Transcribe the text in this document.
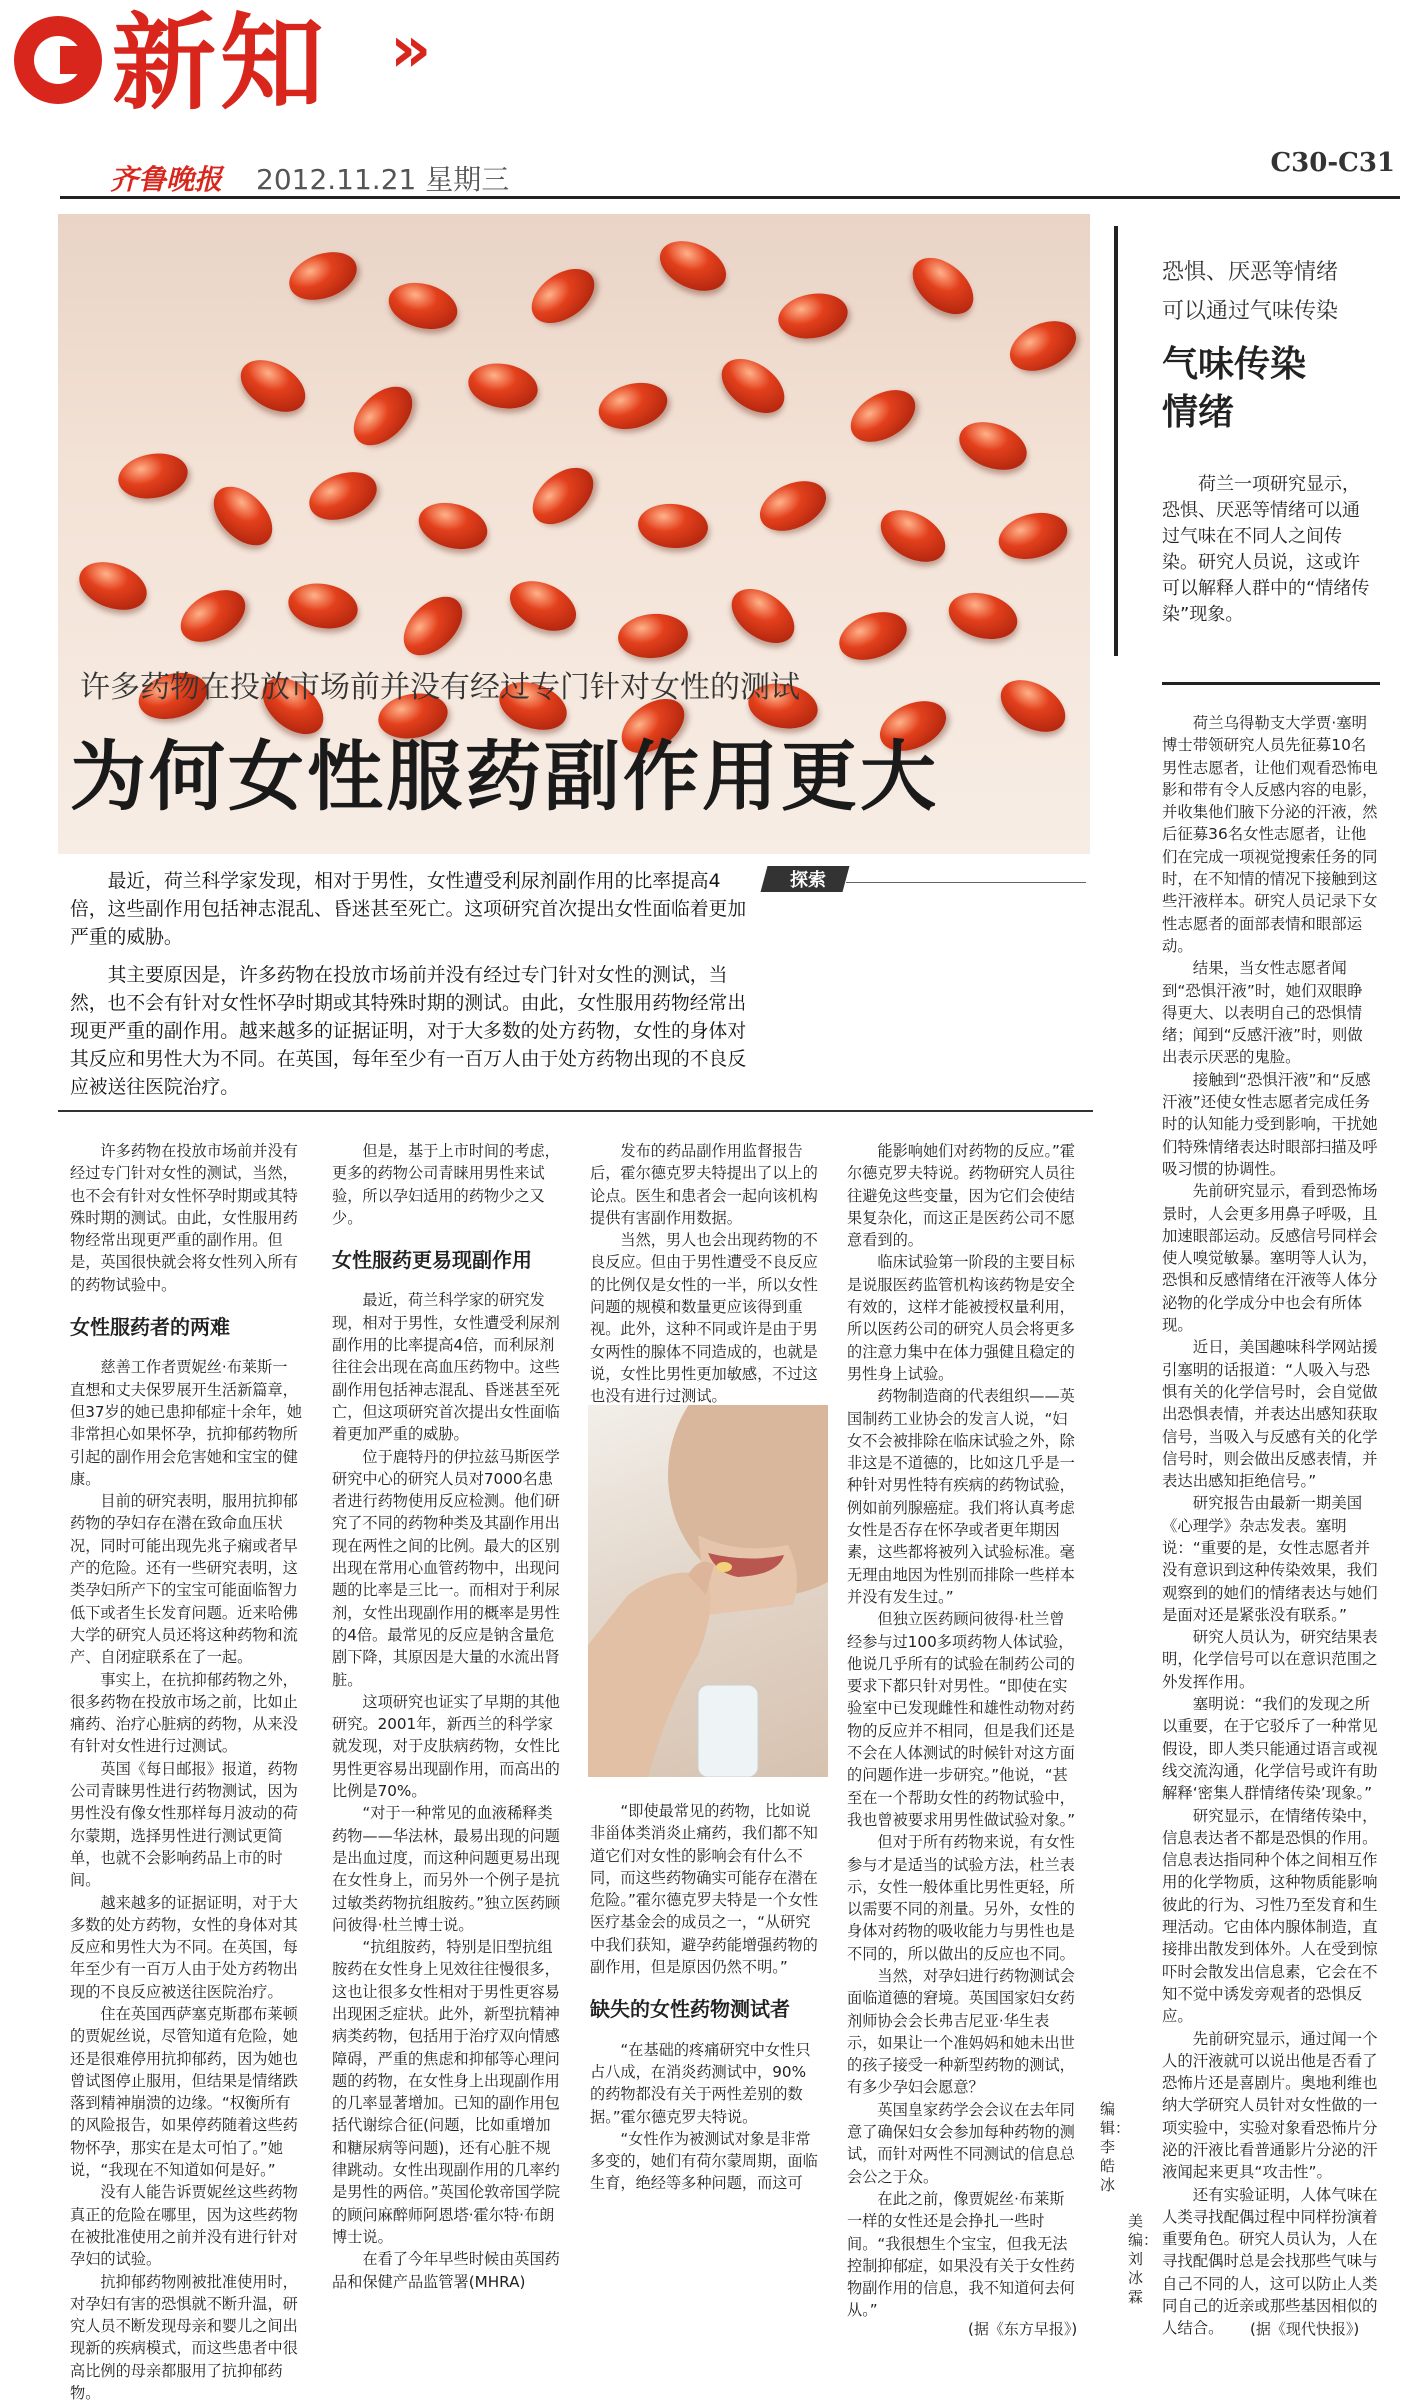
新知 »
齐鲁晚报 2012.11.21 星期三	C30-C31
许多药物在投放市场前并没有经过专门针对女性的测试
为何女性服药副作用更大
恐惧、厌恶等情绪
可以通过气味传染
气味传染
情绪
荷兰一项研究显示，恐惧、厌恶等情绪可以通过气味在不同人之间传染。研究人员说，这或许可以解释人群中的“情绪传染”现象。

荷兰乌得勒支大学贾·塞明博士带领研究人员先征募10名男性志愿者，让他们观看恐怖电影和带有令人反感内容的电影，并收集他们腋下分泌的汗液，然后征募36名女性志愿者，让他们在完成一项视觉搜索任务的同时，在不知情的情况下接触到这些汗液样本。研究人员记录下女性志愿者的面部表情和眼部运动。

结果，当女性志愿者闻到“恐惧汗液”时，她们双眼睁得更大、以表明自己的恐惧情绪；闻到“反感汗液”时，则做出表示厌恶的鬼脸。

接触到“恐惧汗液”和“反感汗液”还使女性志愿者完成任务时的认知能力受到影响，干扰她们特殊情绪表达时眼部扫描及呼吸习惯的协调性。

先前研究显示，看到恐怖场景时，人会更多用鼻子呼吸，且加速眼部运动。反感信号同样会使人嗅觉敏暴。塞明等人认为，恐惧和反感情绪在汗液等人体分泌物的化学成分中也会有所体现。

近日，美国趣味科学网站援引塞明的话报道：“人吸入与恐惧有关的化学信号时，会自觉做出恐惧表情，并表达出感知获取信号，当吸入与反感有关的化学信号时，则会做出反感表情，并表达出感知拒绝信号。”

研究报告由最新一期美国《心理学》杂志发表。塞明说：“重要的是，女性志愿者并没有意识到这种传染效果，我们观察到的她们的情绪表达与她们是面对还是紧张没有联系。”

研究人员认为，研究结果表明，化学信号可以在意识范围之外发挥作用。

塞明说：“我们的发现之所以重要，在于它驳斥了一种常见假设，即人类只能通过语言或视线交流沟通，化学信号或许有助解释‘密集人群情绪传染’现象。”

研究显示，在情绪传染中，信息表达者不都是恐惧的作用。信息表达指同种个体之间相互作用的化学物质，这种物质能影响彼此的行为、习性乃至发育和生理活动。它由体内腺体制造，直接排出散发到体外。人在受到惊吓时会散发出信息素，它会在不知不觉中诱发旁观者的恐惧反应。

先前研究显示，通过闻一个人的汗液就可以说出他是否看了恐怖片还是喜剧片。奥地利维也纳大学研究人员针对女性做的一项实验中，实验对象看恐怖片分泌的汗液比看普通影片分泌的汗液闻起来更具“攻击性”。

还有实验证明，人体气味在人类寻找配偶过程中同样扮演着重要角色。研究人员认为，人在寻找配偶时总是会找那些气味与自己不同的人，这可以防止人类同自己的近亲或那些基因相似的人结合。	(据《现代快报》)

最近，荷兰科学家发现，相对于男性，女性遭受利尿剂副作用的比率提高4倍，这些副作用包括神志混乱、昏迷甚至死亡。这项研究首次提出女性面临着更加严重的威胁。

其主要原因是，许多药物在投放市场前并没有经过专门针对女性的测试，当然，也不会有针对女性怀孕时期或其特殊时期的测试。由此，女性服用药物经常出现更严重的副作用。越来越多的证据证明，对于大多数的处方药物，女性的身体对其反应和男性大为不同。在英国，每年至少有一百万人由于处方药物出现的不良反应被送往医院治疗。

探索

许多药物在投放市场前并没有经过专门针对女性的测试，当然，也不会有针对女性怀孕时期或其特殊时期的测试。由此，女性服用药物经常出现更严重的副作用。但是，英国很快就会将女性列入所有的药物试验中。

女性服药者的两难

慈善工作者贾妮丝·布莱斯一直想和丈夫保罗展开生活新篇章，但37岁的她已患抑郁症十余年，她非常担心如果怀孕，抗抑郁药物所引起的副作用会危害她和宝宝的健康。

目前的研究表明，服用抗抑郁药物的孕妇存在潜在致命血压状况，同时可能出现先兆子痫或者早产的危险。还有一些研究表明，这类孕妇所产下的宝宝可能面临智力低下或者生长发育问题。近来哈佛大学的研究人员还将这种药物和流产、自闭症联系在了一起。

事实上，在抗抑郁药物之外，很多药物在投放市场之前，比如止痛药、治疗心脏病的药物，从来没有针对女性进行过测试。

英国《每日邮报》报道，药物公司青睐男性进行药物测试，因为男性没有像女性那样每月波动的荷尔蒙期，选择男性进行测试更简单，也就不会影响药品上市的时间。

越来越多的证据证明，对于大多数的处方药物，女性的身体对其反应和男性大为不同。在英国，每年至少有一百万人由于处方药物出现的不良反应被送往医院治疗。

住在英国西萨塞克斯郡布莱顿的贾妮丝说，尽管知道有危险，她还是很难停用抗抑郁药，因为她也曾试图停止服用，但结果是情绪跌落到精神崩溃的边缘。“权衡所有的风险报告，如果停药随着这些药物怀孕，那实在是太可怕了。”她说，“我现在不知道如何是好。”

没有人能告诉贾妮丝这些药物真正的危险在哪里，因为这些药物在被批准使用之前并没有进行针对孕妇的试验。

抗抑郁药物刚被批准使用时，对孕妇有害的恐惧就不断升温，研究人员不断发现母亲和婴儿之间出现新的疾病模式，而这些患者中很高比例的母亲都服用了抗抑郁药物。

但是，基于上市时间的考虑，更多的药物公司青睐用男性来试验，所以孕妇适用的药物少之又少。

女性服药更易现副作用

最近，荷兰科学家的研究发现，相对于男性，女性遭受利尿剂副作用的比率提高4倍，而利尿剂往往会出现在高血压药物中。这些副作用包括神志混乱、昏迷甚至死亡，但这项研究首次提出女性面临着更加严重的威胁。

位于鹿特丹的伊拉兹马斯医学研究中心的研究人员对7000名患者进行药物使用反应检测。他们研究了不同的药物种类及其副作用出现在两性之间的比例。最大的区别出现在常用心血管药物中，出现问题的比率是三比一。而相对于利尿剂，女性出现副作用的概率是男性的4倍。最常见的反应是钠含量危剧下降，其原因是大量的水流出肾脏。

这项研究也证实了早期的其他研究。2001年，新西兰的科学家就发现，对于皮肤病药物，女性比男性更容易出现副作用，而高出的比例是70%。

“对于一种常见的血液稀释类药物——华法林，最易出现的问题是出血过度，而这种问题更易出现在女性身上，而另外一个例子是抗过敏类药物抗组胺药。”独立医药顾问彼得·杜兰博士说。

“抗组胺药，特别是旧型抗组胺药在女性身上见效往往慢很多，这也让很多女性相对于男性更容易出现困乏症状。此外，新型抗精神病类药物，包括用于治疗双向情感障碍，严重的焦虑和抑郁等心理问题的药物，在女性身上出现副作用的几率显著增加。已知的副作用包括代谢综合征(问题，比如重增加和糖尿病等问题)，还有心脏不规律跳动。女性出现副作用的几率约是男性的两倍。”英国伦敦帝国学院的顾问麻醉师阿恩塔·霍尔特·布朗博士说。

在看了今年早些时候由英国药品和保健产品监管署(MHRA)

发布的药品副作用监督报告后，霍尔德克罗夫特提出了以上的论点。医生和患者会一起向该机构提供有害副作用数据。

当然，男人也会出现药物的不良反应。但由于男性遭受不良反应的比例仅是女性的一半，所以女性问题的规模和数量更应该得到重视。此外，这种不同或许是由于男女两性的腺体不同造成的，也就是说，女性比男性更加敏感，不过这也没有进行过测试。

“即使最常见的药物，比如说非甾体类消炎止痛药，我们都不知道它们对女性的影响会有什么不同，而这些药物确实可能存在潜在危险。”霍尔德克罗夫特是一个女性医疗基金会的成员之一，“从研究中我们获知，避孕药能增强药物的副作用，但是原因仍然不明。”

缺失的女性药物测试者

“在基础的疼痛研究中女性只占八成，在消炎药测试中，90%的药物都没有关于两性差别的数据。”霍尔德克罗夫特说。

“女性作为被测试对象是非常多变的，她们有荷尔蒙周期，面临生育，绝经等多种问题，而这可

能影响她们对药物的反应。”霍尔德克罗夫特说。药物研究人员往往避免这些变量，因为它们会使结果复杂化，而这正是医药公司不愿意看到的。

临床试验第一阶段的主要目标是说服医药监管机构该药物是安全有效的，这样才能被授权量利用，所以医药公司的研究人员会将更多的注意力集中在体力强健且稳定的男性身上试验。

药物制造商的代表组织——英国制药工业协会的发言人说，“妇女不会被排除在临床试验之外，除非这是不道德的，比如这几乎是一种针对男性特有疾病的药物试验，例如前列腺癌症。我们将认真考虑女性是否存在怀孕或者更年期因素，这些都将被列入试验标准。毫无理由地因为性别而排除一些样本并没有发生过。”

但独立医药顾问彼得·杜兰曾经参与过100多项药物人体试验，他说几乎所有的试验在制药公司的要求下都只针对男性。“即使在实验室中已发现雌性和雄性动物对药物的反应并不相同，但是我们还是不会在人体测试的时候针对这方面的问题作进一步研究。”他说，“甚至在一个帮助女性的药物试验中，我也曾被要求用男性做试验对象。”

但对于所有药物来说，有女性参与才是适当的试验方法，杜兰表示，女性一般体重比男性更轻，所以需要不同的剂量。另外，女性的身体对药物的吸收能力与男性也是不同的，所以做出的反应也不同。

当然，对孕妇进行药物测试会面临道德的窘境。英国国家妇女药剂师协会会长弗吉尼亚·华生表示，如果让一个准妈妈和她未出世的孩子接受一种新型药物的测试，有多少孕妇会愿意？

英国皇家药学会会议在去年同意了确保妇女会参加每种药物的测试，而针对两性不同测试的信息总会公之于众。

在此之前，像贾妮丝·布莱斯一样的女性还是会挣扎一些时间。“我很想生个宝宝，但我无法控制抑郁症，如果没有关于女性药物副作用的信息，我不知道何去何从。”

(据《东方早报》)
编辑：李皓冰
美编：刘冰霖
